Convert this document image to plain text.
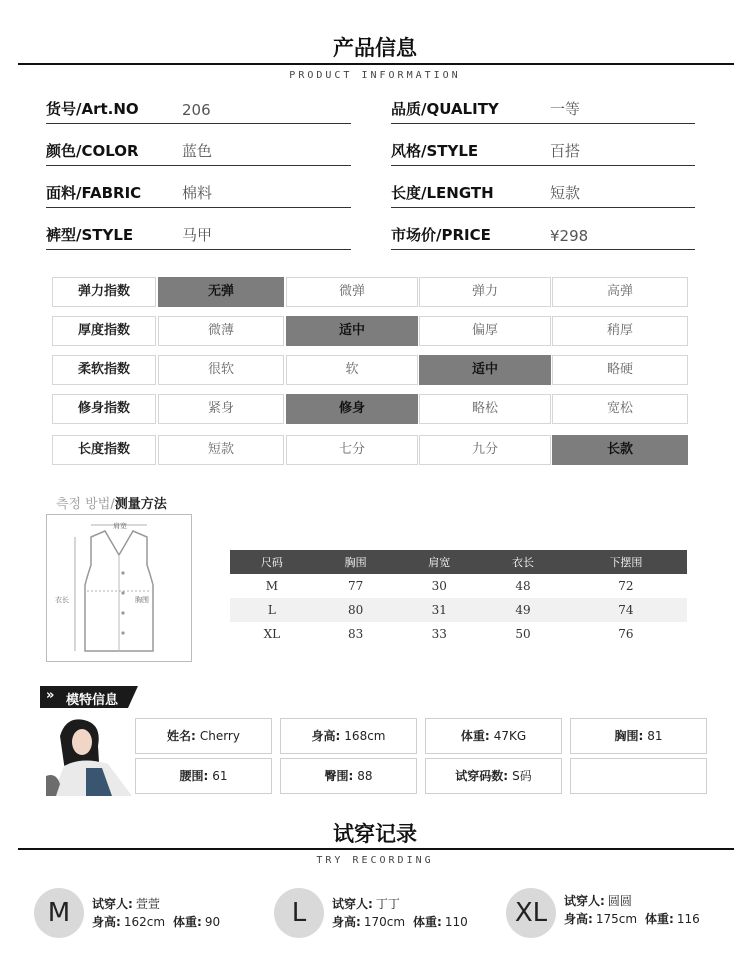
产品信息
PRODUCT INFORMATION
货号/Art.NO	206
颜色/COLOR	蓝色
面料/FABRIC	棉料
裤型/STYLE	马甲
品质/QUALITY	一等
风格/STYLE	百搭
长度/LENGTH	短款
市场价/PRICE	¥298
弹力指数	无弹	微弹	弹力	高弹
厚度指数	微薄	适中	偏厚	稍厚
柔软指数	很软	软	适中	略硬
修身指数	紧身	修身	略松	宽松
长度指数	短款	七分	九分	长款
측정 방법/测量方法
肩宽
衣长	胸围
尺码	胸围	肩宽	衣长	下摆围
M	77	30	48	72
L	80	31	49	74
XL	83	33	50	76
» 模特信息
姓名: Cherry	身高: 168cm	体重: 47KG	胸围: 81
腰围: 61	臀围: 88	试穿码数: S码
试穿记录
TRY RECORDING
M	试穿人: 萱萱
身高: 162cm 体重: 90	L	试穿人: 丁丁
身高: 170cm 体重: 110	XL	试穿人: 圆圆
身高: 175cm 体重: 116
